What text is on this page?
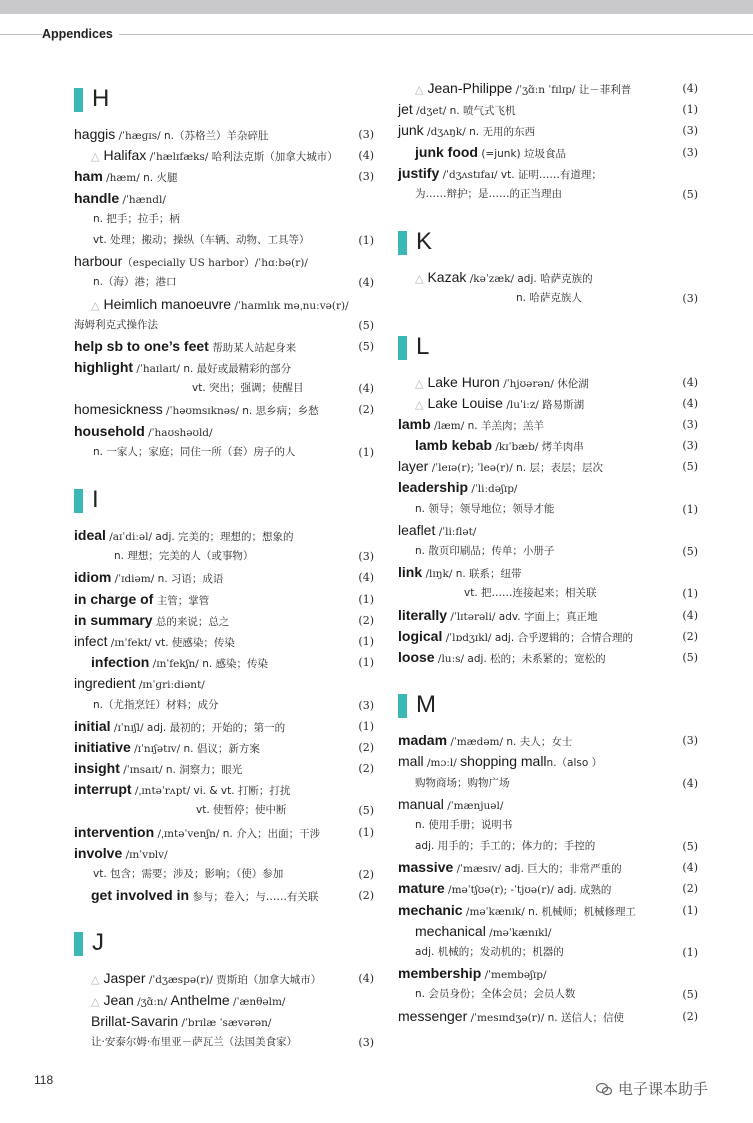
Appendices
H
haggis /ˈhæɡɪs/ n.（苏格兰）羊杂碎肚	(3)
△ Halifax /ˈhælɪfæks/ 哈利法克斯（加拿大城市） (4)
ham /hæm/ n. 火腿	(3)
handle /ˈhændl/
n. 把手；拉手；柄
vt. 处理；搬动；操纵（车辆、动物、工具等）	(1)
harbour（especially US harbor）/ˈhɑːbə(r)/
n.（海）港；港口	(4)
△ Heimlich manoeuvre /ˈhaɪmlɪk məˌnuːvə(r)/
海姆利克式操作法	(5)
help sb to one’s feet 帮助某人站起身来	(5)
highlight /ˈhaɪlaɪt/ n. 最好或最精彩的部分
vt. 突出；强调；使醒目	(4)
homesickness /ˈhəʊmsɪknəs/ n. 思乡病；乡愁	(2)
household /ˈhaʊshəʊld/
n. 一家人；家庭；同住一所（套）房子的人	(1)
I
ideal /aɪˈdiːəl/ adj. 完美的；理想的；想象的
n. 理想；完美的人（或事物）	(3)
idiom /ˈɪdiəm/ n. 习语；成语	(4)
in charge of 主管；掌管	(1)
in summary 总的来说；总之	(2)
infect /ɪnˈfekt/ vt. 使感染；传染	(1)
infection /ɪnˈfekʃn/ n. 感染；传染	(1)
ingredient /ɪnˈɡriːdiənt/
n.（尤指烹饪）材料；成分	(3)
initial /ɪˈnɪʃl/ adj. 最初的；开始的；第一的	(1)
initiative /ɪˈnɪʃətɪv/ n. 倡议；新方案	(2)
insight /ˈɪnsaɪt/ n. 洞察力；眼光	(2)
interrupt /ˌɪntəˈrʌpt/ vi. & vt. 打断；打扰
vt. 使暂停；使中断	(5)
intervention /ˌɪntəˈvenʃn/ n. 介入；出面；干涉	(1)
involve /ɪnˈvɒlv/
vt. 包含；需要；涉及；影响；（使）参加	(2)
get involved in 参与；卷入；与……有关联	(2)
J
△ Jasper /ˈdʒæspə(r)/ 贾斯珀（加拿大城市）	(4)
△ Jean /ʒɑ̃ːn/ Anthelme /ˈænθəlm/
Brillat-Savarin /ˈbrɪlæ ˈsævərən/
让·安泰尔姆·布里亚－萨瓦兰（法国美食家）	(3)
△ Jean-Philippe /ˈʒɑ̃ːn ˈfɪlɪp/ 让－菲利普	(4)
jet /dʒet/ n. 喷气式飞机	(1)
junk /dʒʌŋk/ n. 无用的东西	(3)
junk food (=junk) 垃圾食品	(3)
justify /ˈdʒʌstɪfaɪ/ vt. 证明……有道理；
为……辩护；是……的正当理由	(5)
K
△ Kazak /kəˈzæk/ adj. 哈萨克族的
n. 哈萨克族人	(3)
L
△ Lake Huron /ˈhjʊərən/ 休伦湖	(4)
△ Lake Louise /luˈiːz/ 路易斯湖	(4)
lamb /læm/ n. 羊羔肉；羔羊	(3)
lamb kebab /kɪˈbæb/ 烤羊肉串	(3)
layer /ˈleɪə(r); ˈleə(r)/ n. 层；表层；层次	(5)
leadership /ˈliːdəʃɪp/
n. 领导；领导地位；领导才能	(1)
leaflet /ˈliːflət/
n. 散页印刷品；传单；小册子	(5)
link /lɪŋk/ n. 联系；纽带
vt. 把……连接起来；相关联	(1)
literally /ˈlɪtərəli/ adv. 字面上；真正地	(4)
logical /ˈlɒdʒɪkl/ adj. 合乎逻辑的；合情合理的	(2)
loose /luːs/ adj. 松的；未系紧的；宽松的	(5)
M
madam /ˈmædəm/ n. 夫人；女士	(3)
mall /mɔːl/ shopping malln.（also ）
购物商场；购物广场	(4)
manual /ˈmænjuəl/
n. 使用手册；说明书
adj. 用手的；手工的；体力的；手控的	(5)
massive /ˈmæsɪv/ adj. 巨大的；非常严重的	(4)
mature /məˈtʃʊə(r); -ˈtjʊə(r)/ adj. 成熟的	(2)
mechanic /məˈkænɪk/ n. 机械师；机械修理工	(1)
mechanical /məˈkænɪkl/
adj. 机械的；发动机的；机器的	(1)
membership /ˈmembəʃɪp/
n. 会员身份；全体会员；会员人数	(5)
messenger /ˈmesɪndʒə(r)/ n. 送信人；信使	(2)
118	电子课本助手
